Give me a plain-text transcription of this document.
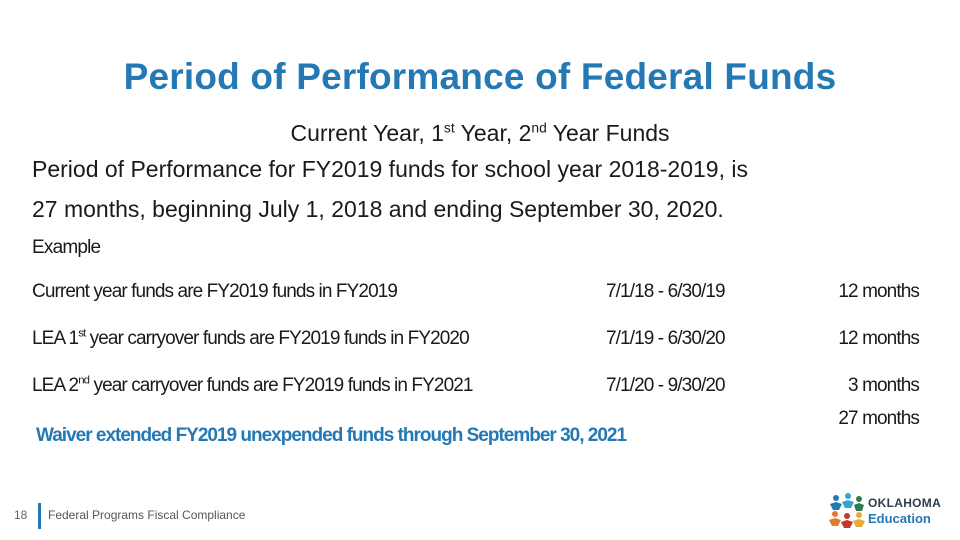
Period of Performance of Federal Funds
Current Year, 1st Year, 2nd Year Funds
Period of Performance for FY2019 funds for school year 2018-2019, is
27 months, beginning July 1, 2018 and ending September 30, 2020.
Example
Current year funds are FY2019 funds in FY2019	7/1/18 - 6/30/19	12 months
LEA 1st year carryover funds are FY2019 funds in FY2020	7/1/19 - 6/30/20	12 months
LEA 2nd year carryover funds are FY2019 funds in FY2021	7/1/20 - 9/30/20	3 months
27 months
Waiver extended FY2019 unexpended funds through September 30, 2021
18 Federal Programs Fiscal Compliance
OKLAHOMA
Education
